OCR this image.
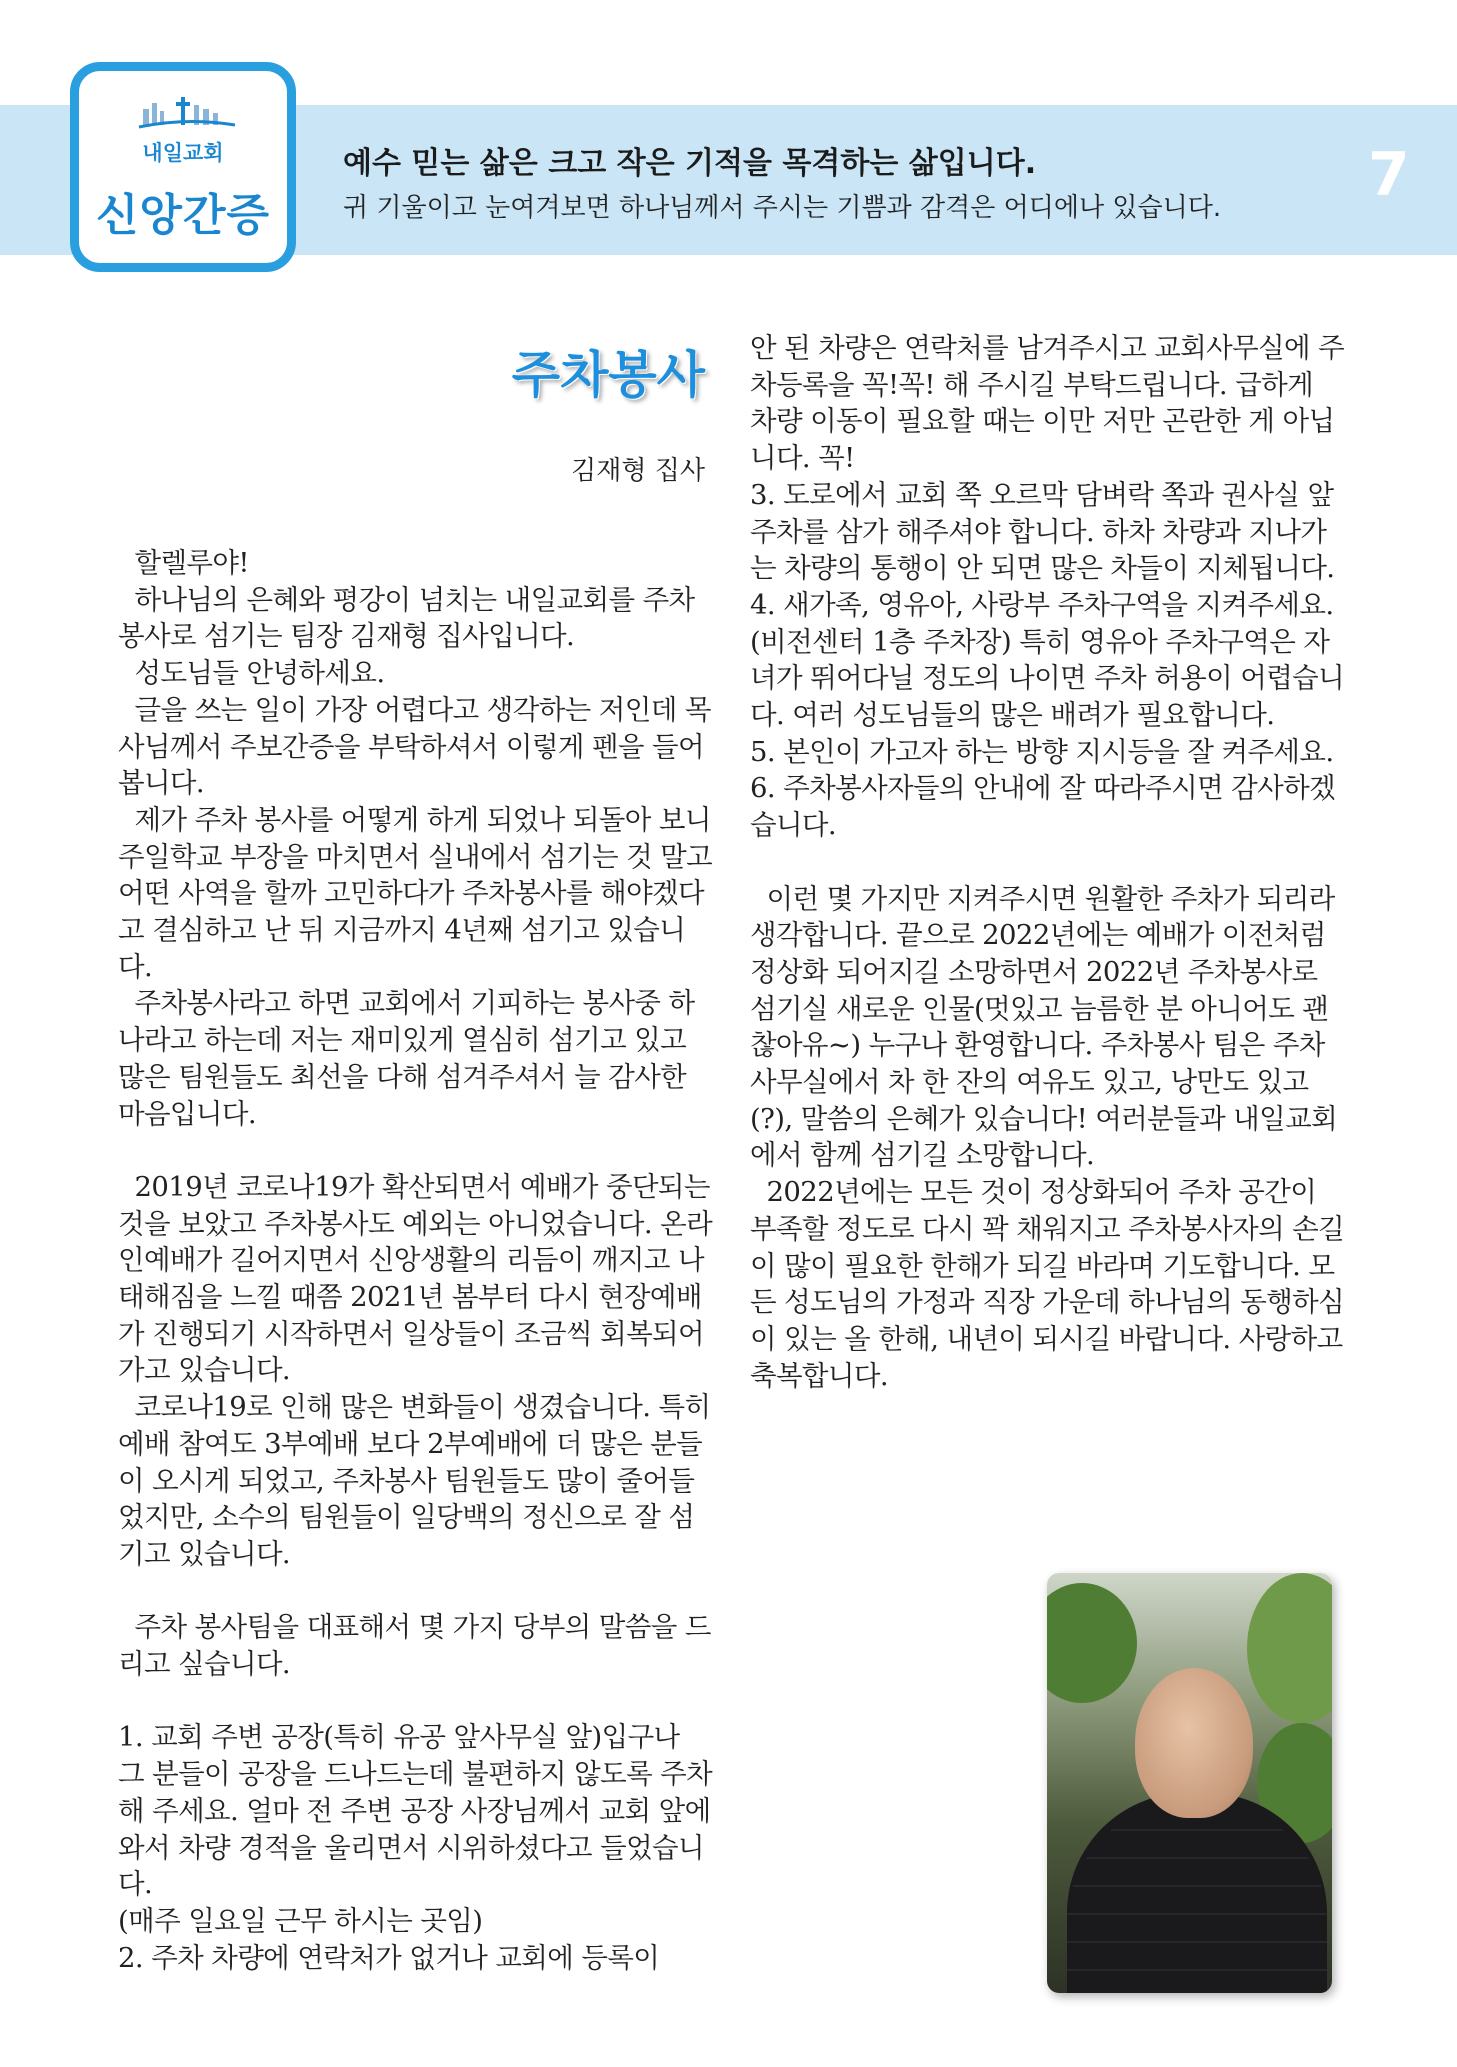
내일교회
신앙간증
예수 믿는 삶은 크고 작은 기적을 목격하는 삶입니다.
귀 기울이고 눈여겨보면 하나님께서 주시는 기쁨과 감격은 어디에나 있습니다. 7
주차봉사
김재형 집사

할렐루야!

하나님의 은혜와 평강이 넘치는 내일교회를 주차봉사로 섬기는 팀장 김재형 집사입니다.

성도님들 안녕하세요.

글을 쓰는 일이 가장 어렵다고 생각하는 저인데 목사님께서 주보간증을 부탁하셔서 이렇게 펜을 들어봅니다.

제가 주차 봉사를 어떻게 하게 되었나 되돌아 보니 주일학교 부장을 마치면서 실내에서 섬기는 것 말고 어떤 사역을 할까 고민하다가 주차봉사를 해야겠다고 결심하고 난 뒤 지금까지 4년째 섬기고 있습니다.

주차봉사라고 하면 교회에서 기피하는 봉사중 하나라고 하는데 저는 재미있게 열심히 섬기고 있고 많은 팀원들도 최선을 다해 섬겨주셔서 늘 감사한 마음입니다.

2019년 코로나19가 확산되면서 예배가 중단되는 것을 보았고 주차봉사도 예외는 아니었습니다. 온라인예배가 길어지면서 신앙생활의 리듬이 깨지고 나태해짐을 느낄 때쯤 2021년 봄부터 다시 현장예배가 진행되기 시작하면서 일상들이 조금씩 회복되어가고 있습니다.

코로나19로 인해 많은 변화들이 생겼습니다. 특히 예배 참여도 3부예배 보다 2부예배에 더 많은 분들이 오시게 되었고, 주차봉사 팀원들도 많이 줄어들었지만, 소수의 팀원들이 일당백의 정신으로 잘 섬기고 있습니다.

주차 봉사팀을 대표해서 몇 가지 당부의 말씀을 드리고 싶습니다.

1. 교회 주변 공장(특히 유공 앞사무실 앞)입구나 그 분들이 공장을 드나드는데 불편하지 않도록 주차해 주세요. 얼마 전 주변 공장 사장님께서 교회 앞에 와서 차량 경적을 울리면서 시위하셨다고 들었습니다.

(매주 일요일 근무 하시는 곳임)

2. 주차 차량에 연락처가 없거나 교회에 등록이

안 된 차량은 연락처를 남겨주시고 교회사무실에 주차등록을 꼭!꼭! 해 주시길 부탁드립니다. 급하게 차량 이동이 필요할 때는 이만 저만 곤란한 게 아닙니다. 꼭!

3. 도로에서 교회 쪽 오르막 담벼락 쪽과 권사실 앞 주차를 삼가 해주셔야 합니다. 하차 차량과 지나가는 차량의 통행이 안 되면 많은 차들이 지체됩니다.

4. 새가족, 영유아, 사랑부 주차구역을 지켜주세요. (비전센터 1층 주차장) 특히 영유아 주차구역은 자녀가 뛰어다닐 정도의 나이면 주차 허용이 어렵습니다. 여러 성도님들의 많은 배려가 필요합니다.

5. 본인이 가고자 하는 방향 지시등을 잘 켜주세요.

6. 주차봉사자들의 안내에 잘 따라주시면 감사하겠습니다.

이런 몇 가지만 지켜주시면 원활한 주차가 되리라 생각합니다. 끝으로 2022년에는 예배가 이전처럼 정상화 되어지길 소망하면서 2022년 주차봉사로 섬기실 새로운 인물(멋있고 늠름한 분 아니어도 괜찮아유~) 누구나 환영합니다. 주차봉사 팀은 주차 사무실에서 차 한 잔의 여유도 있고, 낭만도 있고(?), 말씀의 은혜가 있습니다! 여러분들과 내일교회에서 함께 섬기길 소망합니다.

2022년에는 모든 것이 정상화되어 주차 공간이 부족할 정도로 다시 꽉 채워지고 주차봉사자의 손길이 많이 필요한 한해가 되길 바라며 기도합니다. 모든 성도님의 가정과 직장 가운데 하나님의 동행하심이 있는 올 한해, 내년이 되시길 바랍니다. 사랑하고 축복합니다.
